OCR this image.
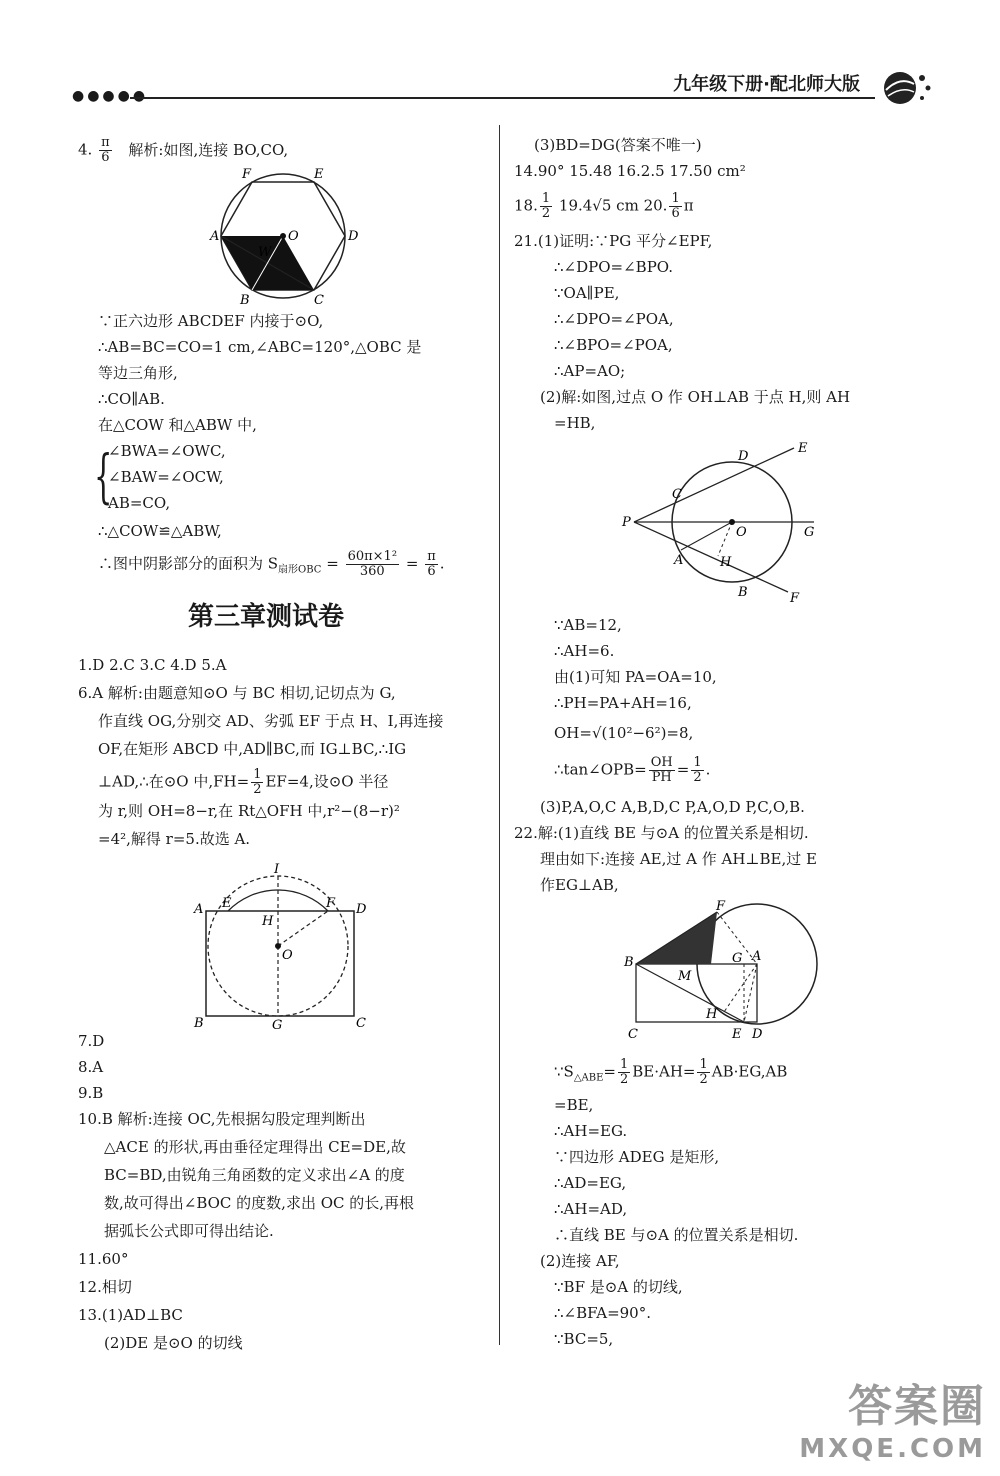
●●●●●
九年级下册·配北师大版
4. $\frac{\pi}{6}$ 解析:如图,连接 BO,CO,
F	E
A	O	D
W
B	C
∵正六边形 ABCDEF 内接于⊙O,
∴AB=BC=CO=1 cm,∠ABC=120°,△OBC 是
等边三角形,
∴CO∥AB.
在△COW 和△ABW 中,
{
∠BWA=∠OWC,
∠BAW=∠OCW,
AB=CO,
∴△COW≌△ABW,
∴图中阴影部分的面积为 $S_{扇形OBC} = \frac{\text{60π×1²}}{360} = \frac{\pi}{6}$ .
第三章测试卷
1.D 2.C 3.C 4.D 5.A
6.A 解析:由题意知⊙O 与 BC 相切,记切点为 G,
作直线 OG,分别交 AD、劣弧 EF 于点 H、I,再连接
OF,在矩形 ABCD 中,AD∥BC,而 IG⊥BC,∴IG
⊥AD,∴在⊙O 中$,FH= \frac{1}{2} EF=4$,设⊙O 半径
为 r,则 OH=8−r,在 Rt△OFH 中,r²−(8−r)²
=4²,解得 r=5.故选 A.
I
A E	F D
H
O
B	G	C
7.D
8.A
9.B
10.B 解析:连接 OC,先根据勾股定理判断出
△ACE 的形状,再由垂径定理得出 CE=DE,故
BC=BD,由锐角三角函数的定义求出∠A 的度
数,故可得出∠BOC 的度数,求出 OC 的长,再根
据弧长公式即可得出结论.
11.60°
12.相切
13.(1)AD⊥BC
(2)DE 是⊙O 的切线
(3)BD=DG(答案不唯一)
14.90° 15.48 16.2.5 17.50 cm²
18. $\frac{1}{2} 19.4√5$ cm 20. $\frac{1}{6}$ π
21.(1)证明:∵PG 平分∠EPF,
∴∠DPO=∠BPO.
∵OA∥PE,
∴∠DPO=∠POA,
∴∠BPO=∠POA,
∴AP=AO;
(2)解:如图,过点 O 作 OH⊥AB 于点 H,则 AH
=HB,
D
E
C
P
O	G
A	H
B	F
∵AB=12,
∴AH=6.
由(1)可知 PA=OA=10,
∴PH=PA+AH=16,
OH=√(10²−6²)=8,
∴tan∠OPB= $\frac{OH}{PH} = \frac{1}{2}$ .
(3)P,A,O,C A,B,D,C P,A,O,D P,C,O,B.
22.解:(1)直线 BE 与⊙A 的位置关系是相切.
理由如下:连接 AE,过 A 作 AH⊥BE,过 E
作EG⊥AB,
F
B
M
G A
H
C	E D
$\because S_{\triangle ABE}= \frac{1}{2} BE\cdot AH= \frac{1}{2} AB\cdot EG,AB$
=BE,
∴AH=EG.
∵四边形 ADEG 是矩形,
∴AD=EG,
∴AH=AD,
∴直线 BE 与⊙A 的位置关系是相切.
(2)连接 AF,
∵BF 是⊙A 的切线,
∴∠BFA=90°.
∵BC=5,
答案圈
MXQE.COM
